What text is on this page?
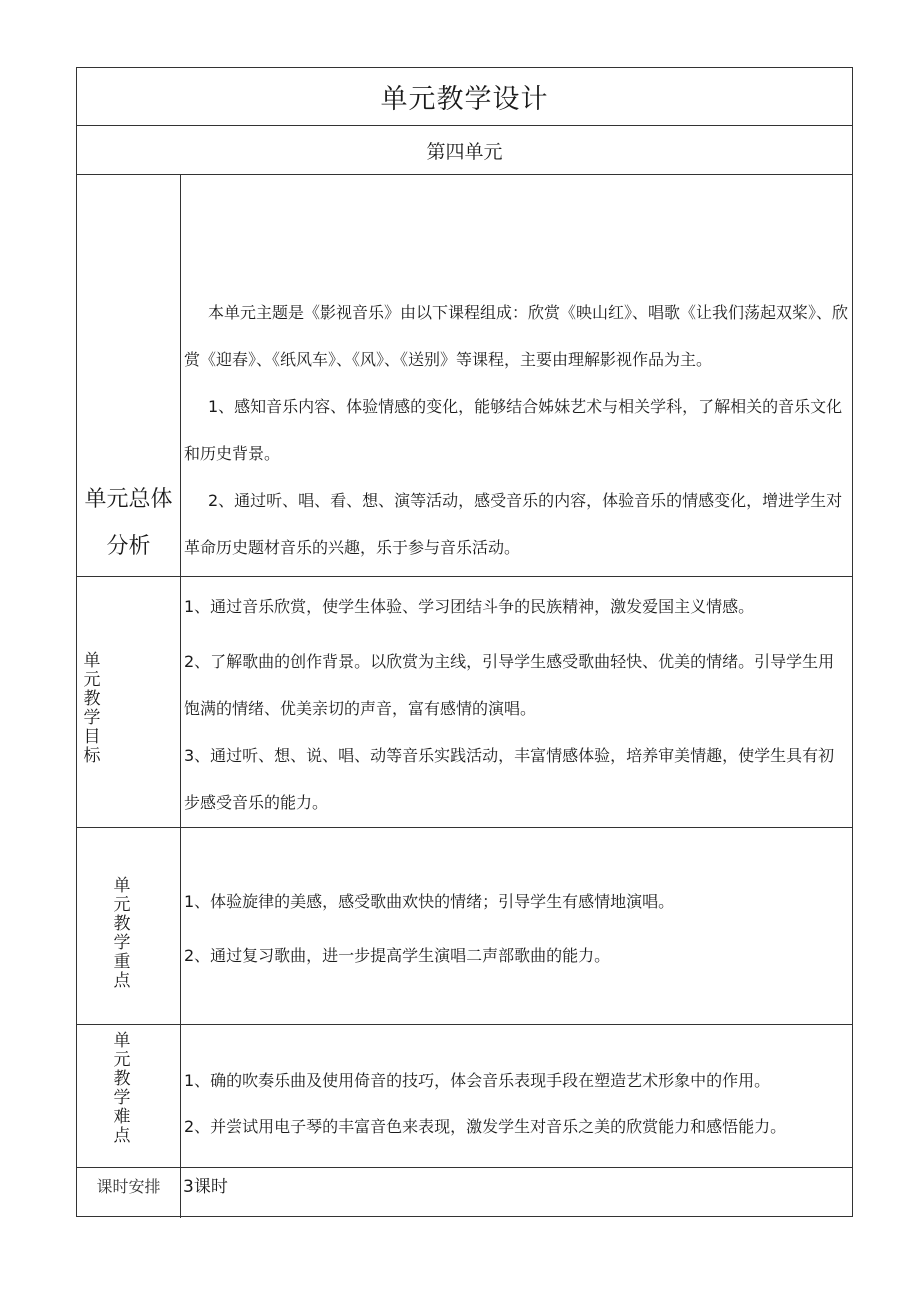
单元教学设计
第四单元
单元总体
分析

本单元主题是《影视音乐》由以下课程组成：欣赏《映山红》、唱歌《让我们荡起双桨》、欣赏《迎春》、《纸风车》、《风》、《送别》等课程，主要由理解影视作品为主。

1、感知音乐内容、体验情感的变化，能够结合姊妹艺术与相关学科，了解相关的音乐文化和历史背景。

2、通过听、唱、看、想、演等活动，感受音乐的内容，体验音乐的情感变化，增进学生对革命历史题材音乐的兴趣，乐于参与音乐活动。

单元教学目标

1、通过音乐欣赏，使学生体验、学习团结斗争的民族精神，激发爱国主义情感。

2、了解歌曲的创作背景。以欣赏为主线，引导学生感受歌曲轻快、优美的情绪。引导学生用饱满的情绪、优美亲切的声音，富有感情的演唱。

3、通过听、想、说、唱、动等音乐实践活动，丰富情感体验，培养审美情趣，使学生具有初步感受音乐的能力。

单元教学重点

1、体验旋律的美感，感受歌曲欢快的情绪；引导学生有感情地演唱。

2、通过复习歌曲，进一步提高学生演唱二声部歌曲的能力。

单元教学难点

1、确的吹奏乐曲及使用倚音的技巧，体会音乐表现手段在塑造艺术形象中的作用。

2、并尝试用电子琴的丰富音色来表现，激发学生对音乐之美的欣赏能力和感悟能力。

课时安排	3课时
